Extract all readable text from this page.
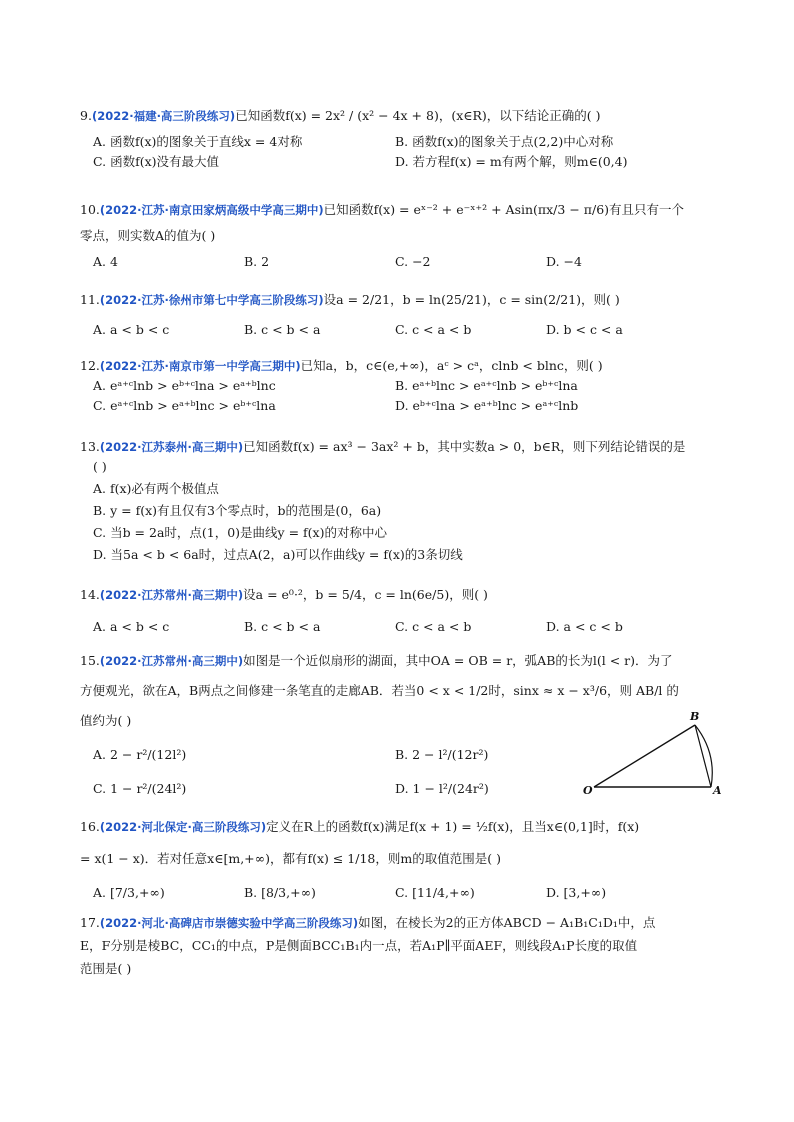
9.(2022·福建·高三阶段练习)已知函数f(x) = 2x² / (x² − 4x + 8)，(x∈R)，以下结论正确的( )
A. 函数f(x)的图象关于直线x = 4对称	B. 函数f(x)的图象关于点(2,2)中心对称
C. 函数f(x)没有最大值	D. 若方程f(x) = m有两个解，则m∈(0,4)
10.(2022·江苏·南京田家炳高级中学高三期中)已知函数f(x) = eˣ⁻² + e⁻ˣ⁺² + Asin(πx/3 − π/6)有且只有一个
零点，则实数A的值为( )
A. 4	B. 2	C. −2	D. −4
11.(2022·江苏·徐州市第七中学高三阶段练习)设a = 2/21，b = ln(25/21)，c = sin(2/21)，则( )
A. a < b < c	B. c < b < a	C. c < a < b	D. b < c < a
12.(2022·江苏·南京市第一中学高三期中)已知a，b，c∈(e,+∞)，aᶜ > cᵃ，clnb < blnc，则( )
A. eᵃ⁺ᶜlnb > eᵇ⁺ᶜlna > eᵃ⁺ᵇlnc	B. eᵃ⁺ᵇlnc > eᵃ⁺ᶜlnb > eᵇ⁺ᶜlna
C. eᵃ⁺ᶜlnb > eᵃ⁺ᵇlnc > eᵇ⁺ᶜlna	D. eᵇ⁺ᶜlna > eᵃ⁺ᵇlnc > eᵃ⁺ᶜlnb
13.(2022·江苏泰州·高三期中)已知函数f(x) = ax³ − 3ax² + b，其中实数a > 0，b∈R，则下列结论错误的是
( )
A. f(x)必有两个极值点
B. y = f(x)有且仅有3个零点时，b的范围是(0，6a)
C. 当b = 2a时，点(1，0)是曲线y = f(x)的对称中心
D. 当5a < b < 6a时，过点A(2，a)可以作曲线y = f(x)的3条切线
14.(2022·江苏常州·高三期中)设a = e⁰·²，b = 5/4，c = ln(6e/5)，则( )
A. a < b < c	B. c < b < a	C. c < a < b	D. a < c < b
15.(2022·江苏常州·高三期中)如图是一个近似扇形的湖面，其中OA = OB = r，弧AB的长为l(l < r)．为了
方便观光，欲在A，B两点之间修建一条笔直的走廊AB．若当0 < x < 1/2时，sinx ≈ x − x³/6，则 AB/l 的
值约为( )
A. 2 − r²/(12l²)	B. 2 − l²/(12r²)
C. 1 − r²/(24l²)	D. 1 − l²/(24r²)
B
O	A
16.(2022·河北保定·高三阶段练习)定义在R上的函数f(x)满足f(x + 1) = ½f(x)，且当x∈(0,1]时，f(x)
= x(1 − x)．若对任意x∈[m,+∞)，都有f(x) ≤ 1/18，则m的取值范围是( )
A. [7/3,+∞)	B. [8/3,+∞)	C. [11/4,+∞)	D. [3,+∞)
17.(2022·河北·高碑店市崇德实验中学高三阶段练习)如图，在棱长为2的正方体ABCD − A₁B₁C₁D₁中，点
E，F分别是棱BC，CC₁的中点，P是侧面BCC₁B₁内一点，若A₁P∥平面AEF，则线段A₁P长度的取值
范围是( )
